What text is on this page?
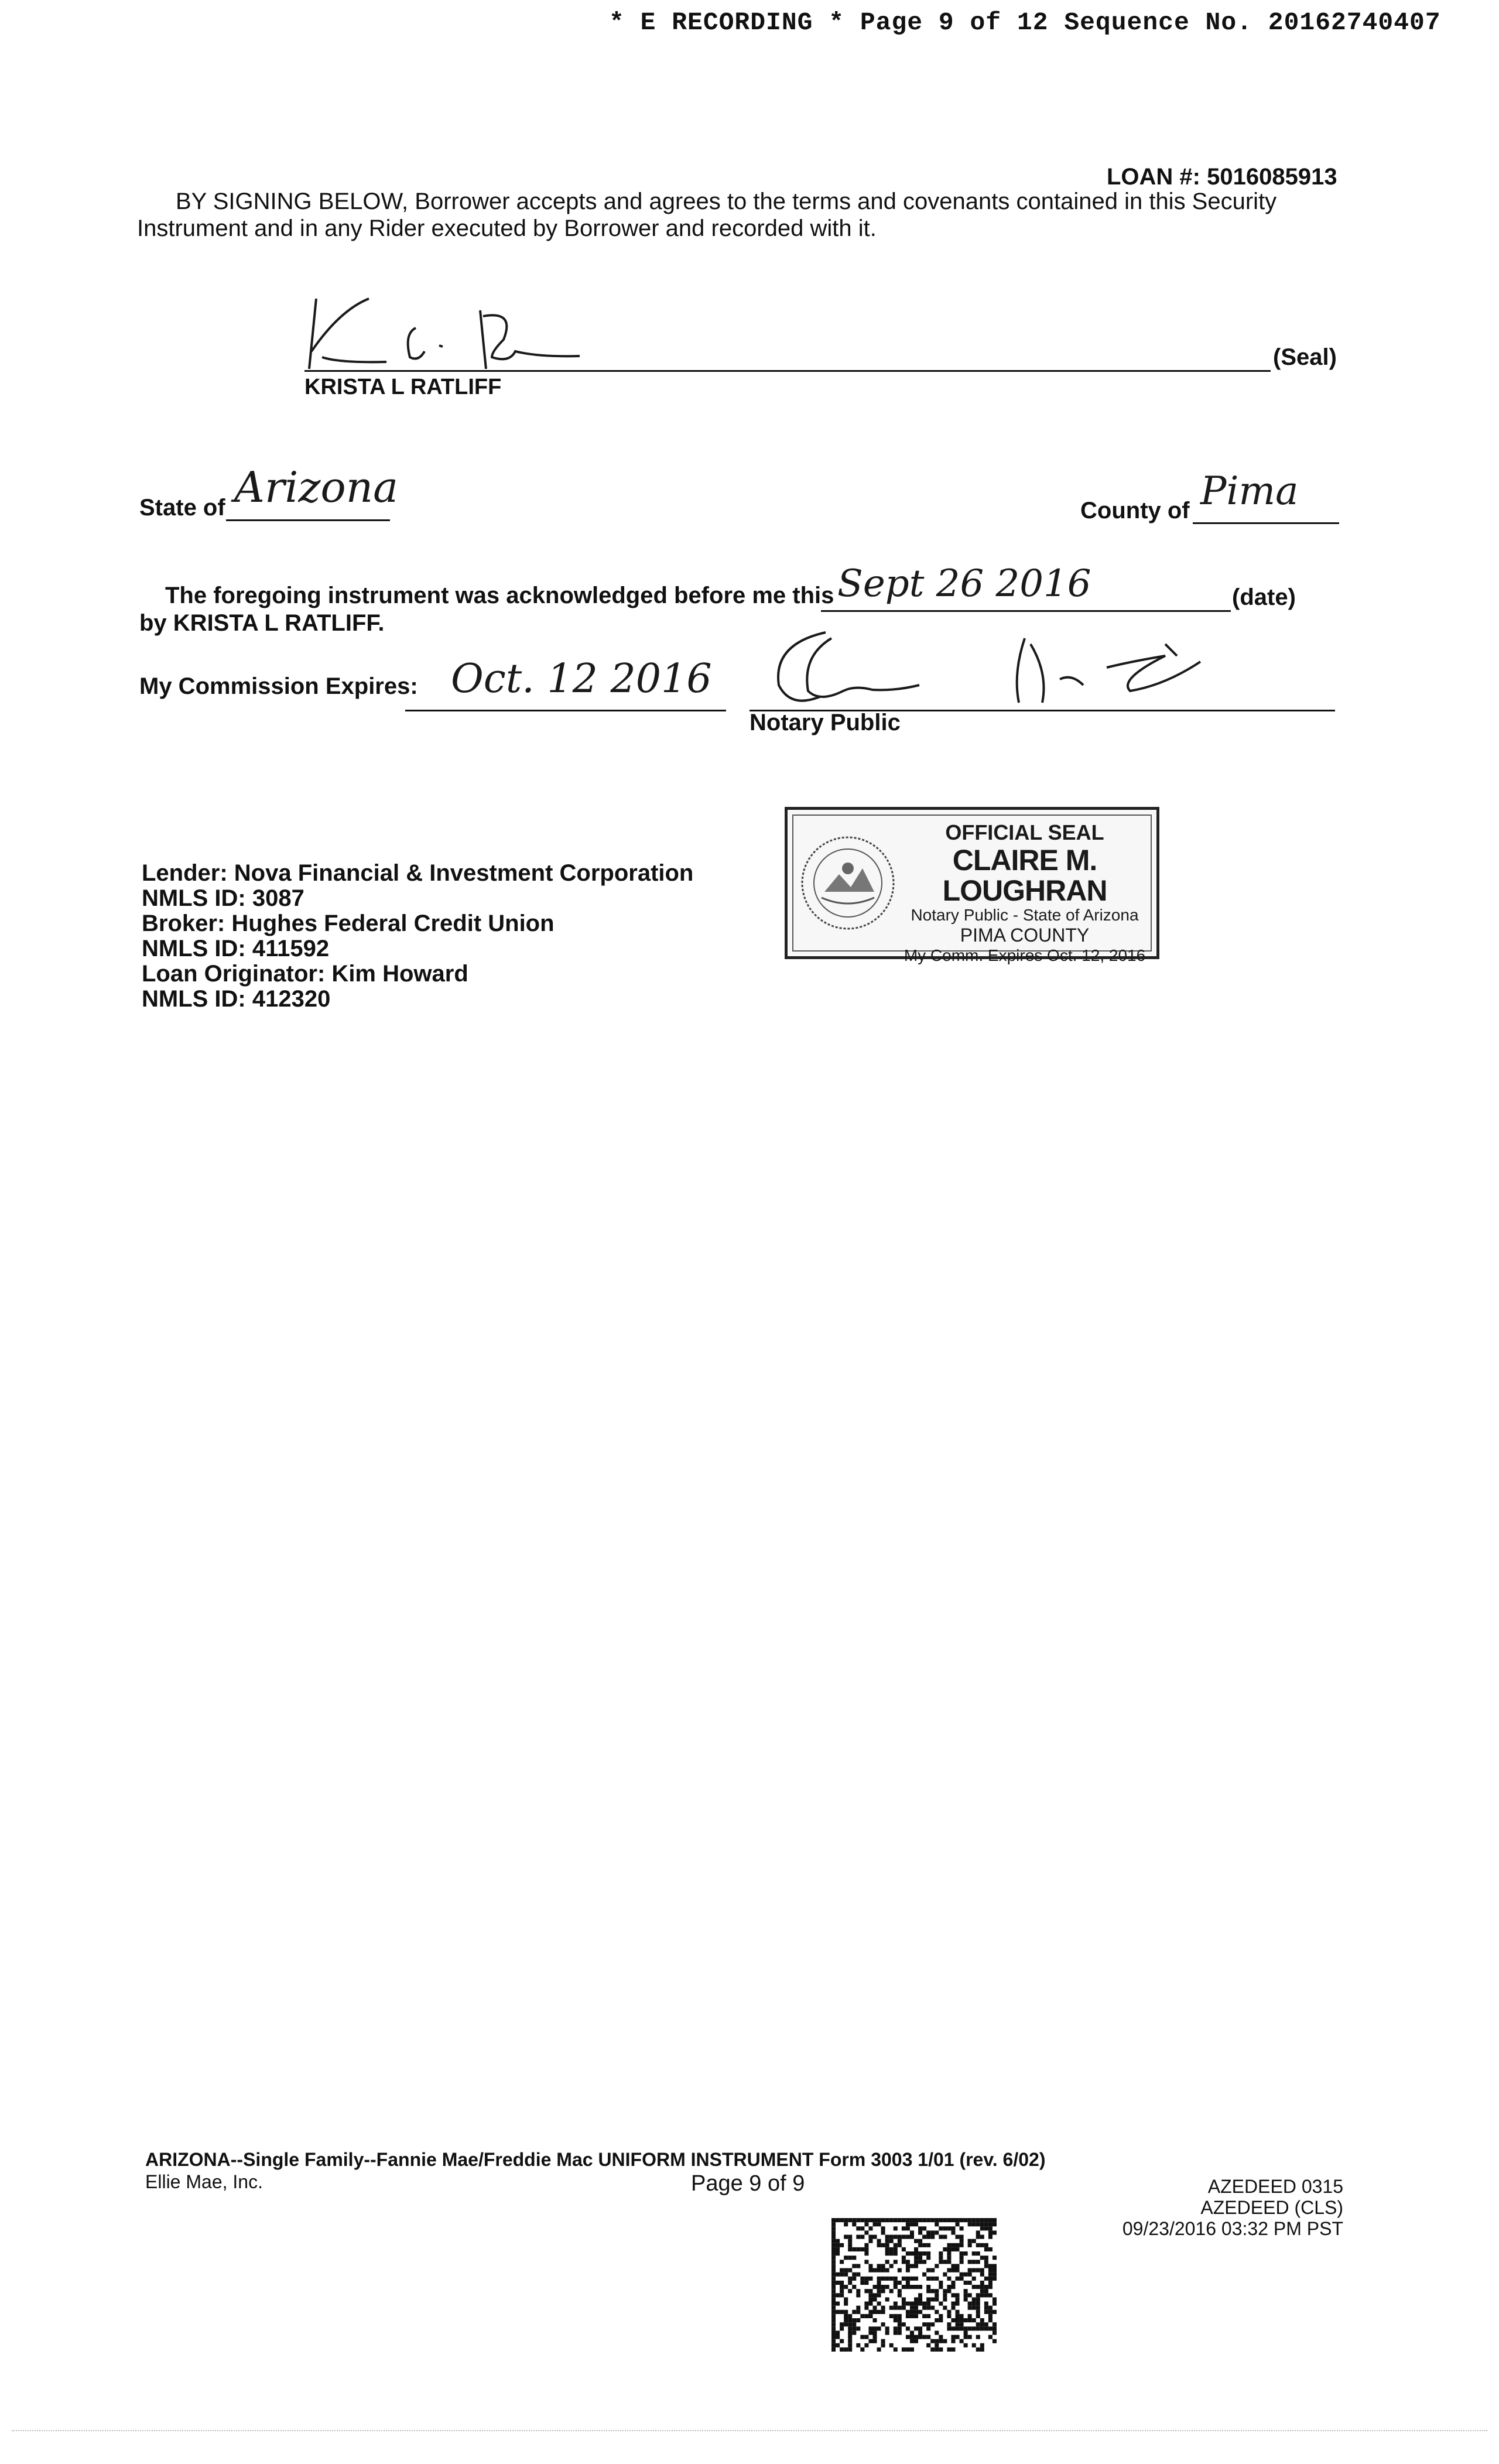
* E RECORDING * Page 9 of 12 Sequence No. 20162740407
LOAN #: 5016085913
BY SIGNING BELOW, Borrower accepts and agrees to the terms and covenants contained in this Security
Instrument and in any Rider executed by Borrower and recorded with it.
(Seal)
KRISTA L RATLIFF
State of Arizona	County of Pima
The foregoing instrument was acknowledged before me this Sept 26 2016	(date)
by KRISTA L RATLIFF.
My Commission Expires: Oct. 12 2016
Notary Public
Lender: Nova Financial & Investment Corporation
NMLS ID: 3087
Broker: Hughes Federal Credit Union
NMLS ID: 411592
Loan Originator: Kim Howard
NMLS ID: 412320
OFFICIAL SEAL
CLAIRE M. LOUGHRAN
Notary Public - State of Arizona
PIMA COUNTY
My Comm. Expires Oct. 12, 2016
ARIZONA--Single Family--Fannie Mae/Freddie Mac UNIFORM INSTRUMENT Form 3003 1/01 (rev. 6/02)
Ellie Mae, Inc.	Page 9 of 9	AZEDEED 0315
AZEDEED (CLS)
09/23/2016 03:32 PM PST
